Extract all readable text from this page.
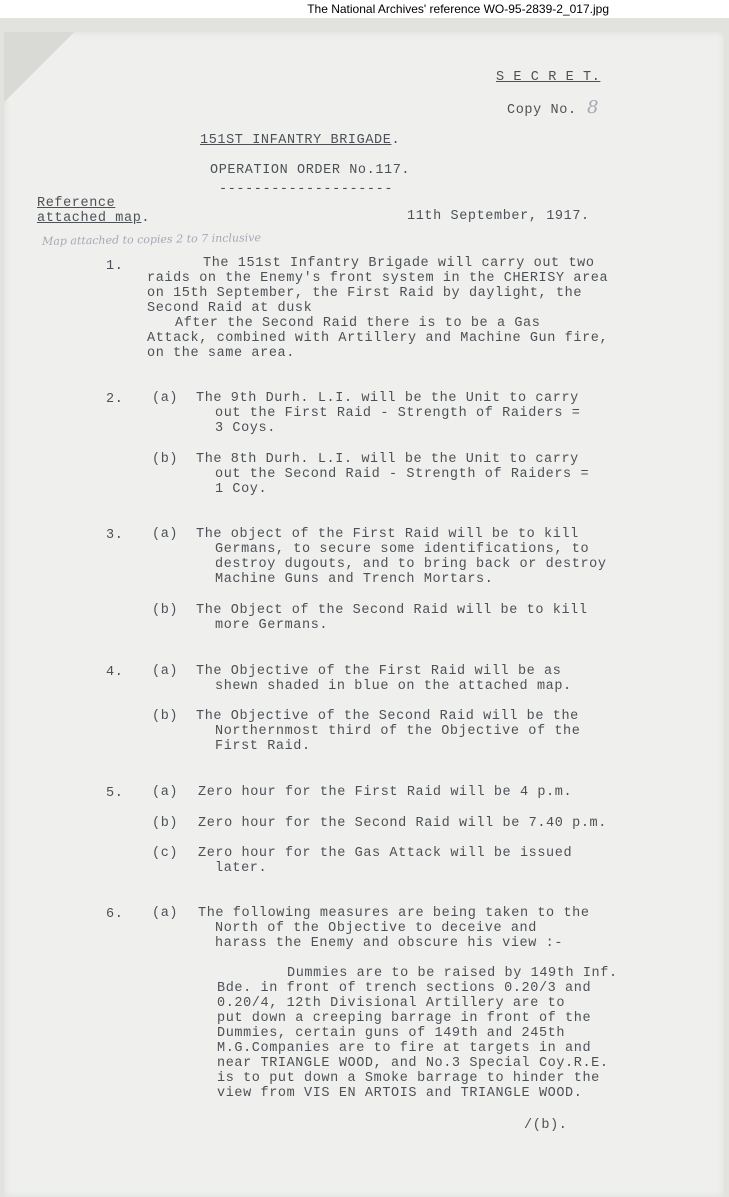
The National Archives' reference WO-95-2839-2_017.jpg
S E C R E T.
Copy No. 8
151ST INFANTRY BRIGADE.
OPERATION ORDER No.117.
--------------------
Reference
attached map.	11th September, 1917.
Map attached to copies 2 to 7 inclusive
1.	The 151st Infantry Brigade will carry out two
raids on the Enemy's front system in the CHERISY area
on 15th September, the First Raid by daylight, the
Second Raid at dusk
After the Second Raid there is to be a Gas
Attack, combined with Artillery and Machine Gun fire,
on the same area.
2. (a) The 9th Durh. L.I. will be the Unit to carry
out the First Raid - Strength of Raiders =
3 Coys.
(b) The 8th Durh. L.I. will be the Unit to carry
out the Second Raid - Strength of Raiders =
1 Coy.
3. (a) The object of the First Raid will be to kill
Germans, to secure some identifications, to
destroy dugouts, and to bring back or destroy
Machine Guns and Trench Mortars.
(b) The Object of the Second Raid will be to kill
more Germans.
4. (a) The Objective of the First Raid will be as
shewn shaded in blue on the attached map.
(b) The Objective of the Second Raid will be the
Northernmost third of the Objective of the
First Raid.
5. (a) Zero hour for the First Raid will be 4 p.m.
(b) Zero hour for the Second Raid will be 7.40 p.m.
(c) Zero hour for the Gas Attack will be issued
later.
6. (a) The following measures are being taken to the
North of the Objective to deceive and
harass the Enemy and obscure his view :-
Dummies are to be raised by 149th Inf.
Bde. in front of trench sections 0.20/3 and
0.20/4, 12th Divisional Artillery are to
put down a creeping barrage in front of the
Dummies, certain guns of 149th and 245th
M.G.Companies are to fire at targets in and
near TRIANGLE WOOD, and No.3 Special Coy.R.E.
is to put down a Smoke barrage to hinder the
view from VIS EN ARTOIS and TRIANGLE WOOD.
/(b).
